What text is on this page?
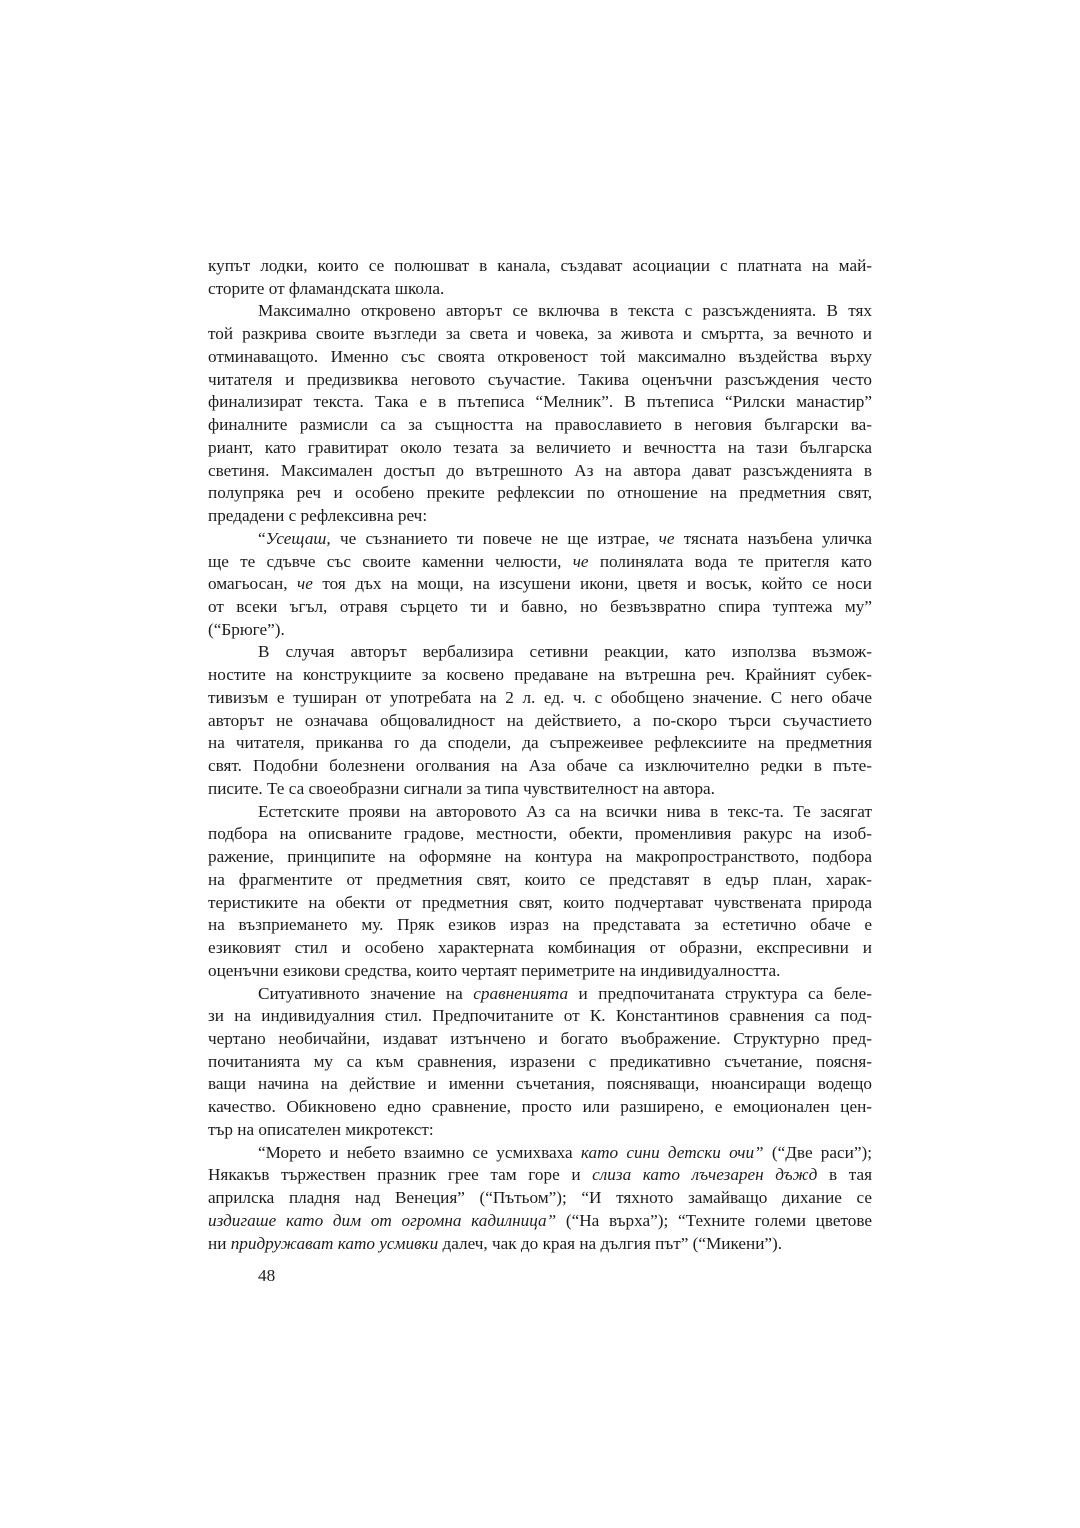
купът лодки, които се полюшват в канала, създават асоциации с платната на май-
сторите от фламандската школа.
Максимално откровено авторът се включва в текста с разсъжденията. В тях
той разкрива своите възгледи за света и човека, за живота и смъртта, за вечното и
отминаващото. Именно със своята откровеност той максимално въздейства върху
читателя и предизвиква неговото съучастие. Такива оценъчни разсъждения често
финализират текста. Така е в пътеписа “Мелник”. В пътеписа “Рилски манастир”
финалните размисли са за същността на православието в неговия български ва-
риант, като гравитират около тезата за величието и вечността на тази българска
светиня. Максимален достъп до вътрешното Аз на автора дават разсъжденията в
полупряка реч и особено преките рефлексии по отношение на предметния свят,
предадени с рефлексивна реч:
“Усещаш, че съзнанието ти повече не ще изтрае, че тясната назъбена уличка
ще те сдъвче със своите каменни челюсти, че полинялата вода те притегля като
омагьосан, че тоя дъх на мощи, на изсушени икони, цветя и восък, който се носи
от всеки ъгъл, отравя сърцето ти и бавно, но безвъзвратно спира туптежа му”
(“Брюге”).
В случая авторът вербализира сетивни реакции, като използва възмож-
ностите на конструкциите за косвено предаване на вътрешна реч. Крайният субек-
тивизъм е туширан от употребата на 2 л. ед. ч. с обобщено значение. С него обаче
авторът не означава общовалидност на действието, а по-скоро търси съучастието
на читателя, приканва го да сподели, да съпрежеивее рефлексиите на предметния
свят. Подобни болезнени оголвания на Аза обаче са изключително редки в пъте-
писите. Те са своеобразни сигнали за типа чувствителност на автора.
Естетските прояви на авторовото Аз са на всички нива в текс-та. Те засягат
подбора на описваните градове, местности, обекти, променливия ракурс на изоб-
ражение, принципите на оформяне на контура на макропространството, подбора
на фрагментите от предметния свят, които се представят в едър план, харак-
теристиките на обекти от предметния свят, които подчертават чувствената природа
на възприемането му. Пряк езиков израз на представата за естетично обаче е
езиковият стил и особено характерната комбинация от образни, експресивни и
оценъчни езикови средства, които чертаят периметрите на индивидуалността.
Ситуативното значение на сравненията и предпочитаната структура са беле-
зи на индивидуалния стил. Предпочитаните от К. Константинов сравнения са под-
чертано необичайни, издават изтънчено и богато въображение. Структурно пред-
почитанията му са към сравнения, изразени с предикативно съчетание, поясня-
ващи начина на действие и именни съчетания, поясняващи, нюансиращи водещо
качество. Обикновено едно сравнение, просто или разширено, е емоционален цен-
тър на описателен микротекст:
“Морето и небето взаимно се усмихваха като сини детски очи” (“Две раси”);
Някакъв тържествен празник грее там горе и слиза като лъчезарен дъжд в тая
априлска пладня над Венеция” (“Пътьом”); “И тяхното замайващо дихание се
издигаше като дим от огромна кадилница” (“На върха”); “Техните големи цветове
ни придружават като усмивки далеч, чак до края на дългия път” (“Микени”).
48
